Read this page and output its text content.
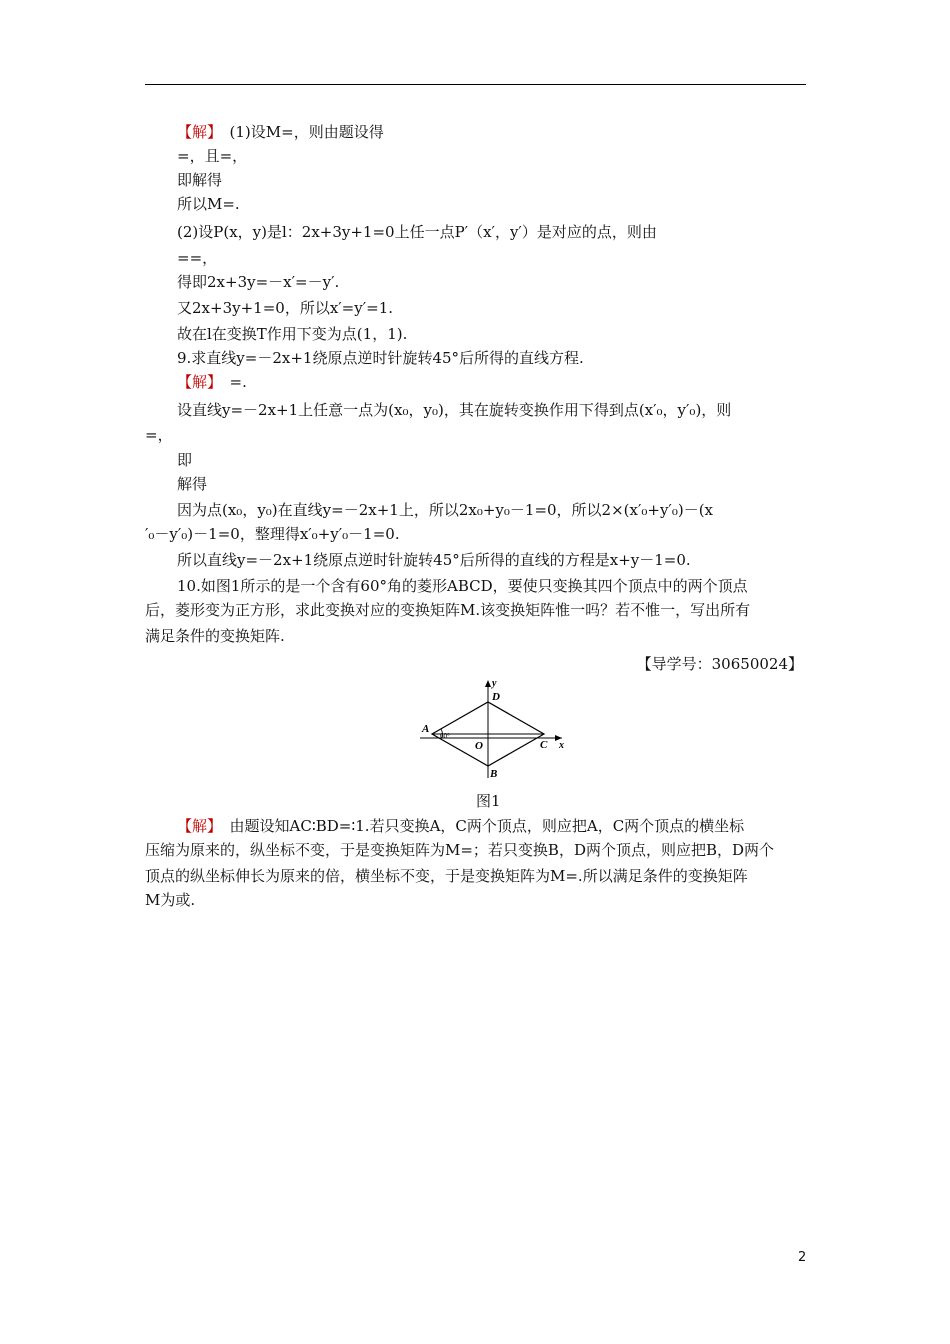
【解】　(1)设M=，则由题设得
=，且=，
即解得
所以M=.
(2)设P(x，y)是l：2x+3y+1=0上任一点P′（x′，y′）是对应的点，则由
==，
得即2x+3y=－x′=－y′.
又2x+3y+1=0，所以x′=y′=1.
故在l在变换T作用下变为点(1，1).
9.求直线y=－2x+1绕原点逆时针旋转45°后所得的直线方程.
【解】　=.
设直线y=－2x+1上任意一点为(x₀，y₀)，其在旋转变换作用下得到点(x′₀，y′₀)，则
=，
即
解得
因为点(x₀，y₀)在直线y=－2x+1上，所以2x₀+y₀－1=0，所以2×(x′₀+y′₀)－(x
′₀－y′₀)－1=0，整理得x′₀+y′₀－1=0.
所以直线y=－2x+1绕原点逆时针旋转45°后所得的直线的方程是x+y－1=0.
10.如图1所示的是一个含有60°角的菱形ABCD，要使只变换其四个顶点中的两个顶点
后，菱形变为正方形，求此变换对应的变换矩阵M.该变换矩阵惟一吗？若不惟一，写出所有
满足条件的变换矩阵.
【导学号：30650024】
A
60°
D
O	C
B
x
y
图1
【解】　由题设知AC∶BD=∶1.若只变换A，C两个顶点，则应把A，C两个顶点的横坐标
压缩为原来的，纵坐标不变，于是变换矩阵为M=；若只变换B，D两个顶点，则应把B，D两个
顶点的纵坐标伸长为原来的倍，横坐标不变，于是变换矩阵为M=.所以满足条件的变换矩阵
M为或.
2
